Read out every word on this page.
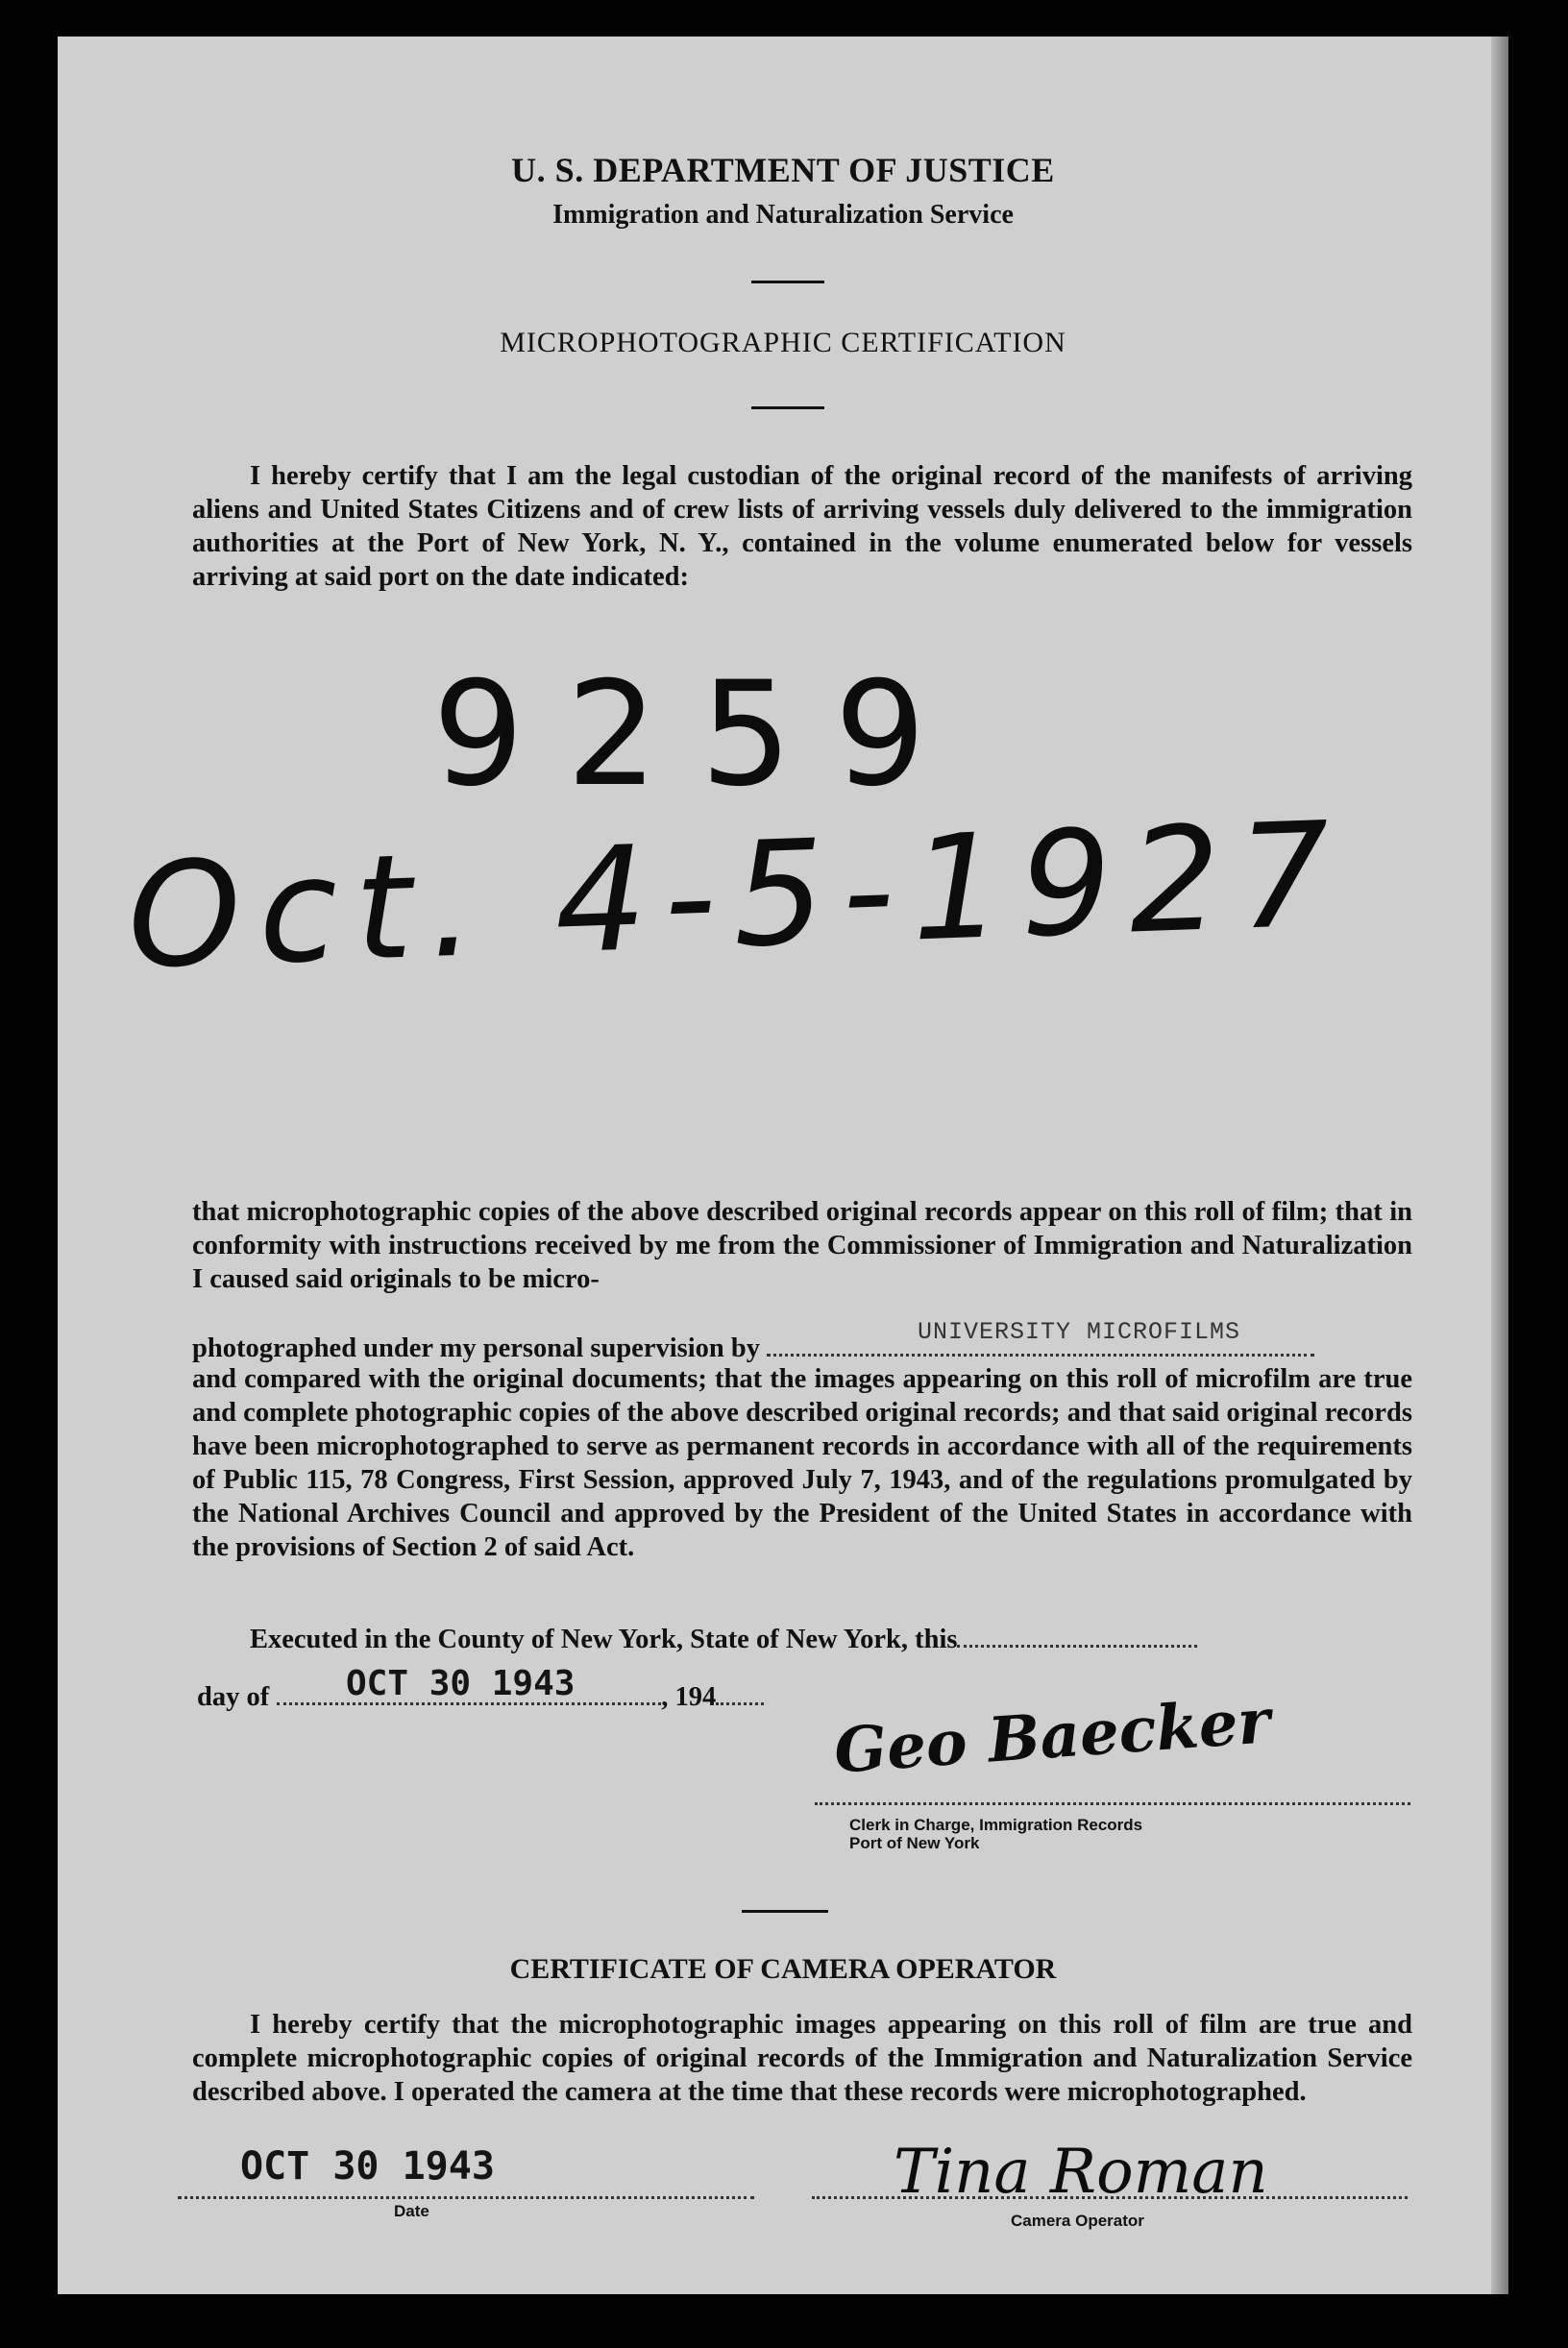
U. S. DEPARTMENT OF JUSTICE
Immigration and Naturalization Service
MICROPHOTOGRAPHIC CERTIFICATION
I hereby certify that I am the legal custodian of the original record of the manifests of arriving aliens and United States Citizens and of crew lists of arriving vessels duly delivered to the immigration authorities at the Port of New York, N. Y., contained in the volume enumerated below for vessels arriving at said port on the date indicated:
9259
Oct. 4-5-1927
that microphotographic copies of the above described original records appear on this roll of film; that in conformity with instructions received by me from the Commissioner of Immigration and Naturalization I caused said originals to be micro-
photographed under my personal supervision by
UNIVERSITY MICROFILMS
and compared with the original documents; that the images appearing on this roll of microfilm are true and complete photographic copies of the above described original records; and that said original records have been microphotographed to serve as permanent records in accordance with all of the requirements of Public 115, 78 Congress, First Session, approved July 7, 1943, and of the regulations promulgated by the National Archives Council and approved by the President of the United States in accordance with the provisions of Section 2 of said Act.
Executed in the County of New York, State of New York, this
day of	, 194
OCT 30 1943
Geo Baecker
Clerk in Charge, Immigration Records
Port of New York
CERTIFICATE OF CAMERA OPERATOR
I hereby certify that the microphotographic images appearing on this roll of film are true and complete microphotographic copies of original records of the Immigration and Naturalization Service described above. I operated the camera at the time that these records were microphotographed.
OCT 30 1943
Date
Tina Roman
Camera Operator
